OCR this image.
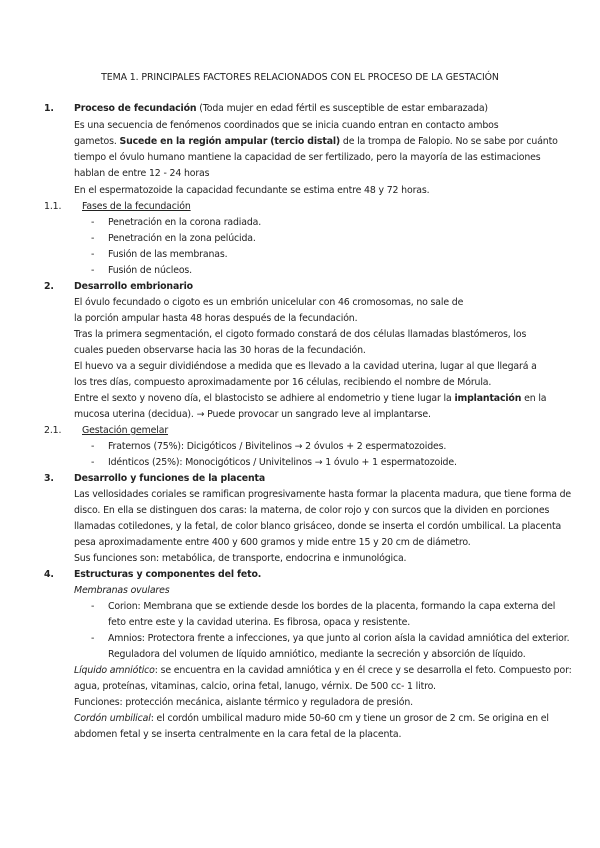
TEMA 1. PRINCIPALES FACTORES RELACIONADOS CON EL PROCESO DE LA GESTACIÓN
1. Proceso de fecundación (Toda mujer en edad fértil es susceptible de estar embarazada)
Es una secuencia de fenómenos coordinados que se inicia cuando entran en contacto ambos
gametos. Sucede en la región ampular (tercio distal) de la trompa de Falopio. No se sabe por cuánto
tiempo el óvulo humano mantiene la capacidad de ser fertilizado, pero la mayoría de las estimaciones
hablan de entre 12 - 24 horas
En el espermatozoide la capacidad fecundante se estima entre 48 y 72 horas.
1.1. Fases de la fecundación
- Penetración en la corona radiada.
- Penetración en la zona pelúcida.
- Fusión de las membranas.
- Fusión de núcleos.
2. Desarrollo embrionario
El óvulo fecundado o cigoto es un embrión unicelular con 46 cromosomas, no sale de
la porción ampular hasta 48 horas después de la fecundación.
Tras la primera segmentación, el cigoto formado constará de dos células llamadas blastómeros, los
cuales pueden observarse hacia las 30 horas de la fecundación.
El huevo va a seguir dividiéndose a medida que es llevado a la cavidad uterina, lugar al que llegará a
los tres días, compuesto aproximadamente por 16 células, recibiendo el nombre de Mórula.
Entre el sexto y noveno día, el blastocisto se adhiere al endometrio y tiene lugar la implantación en la
mucosa uterina (decidua). → Puede provocar un sangrado leve al implantarse.
2.1. Gestación gemelar
- Fraternos (75%): Dicigóticos / Bivitelinos → 2 óvulos + 2 espermatozoides.
- Idénticos (25%): Monocigóticos / Univitelinos → 1 óvulo + 1 espermatozoide.
3. Desarrollo y funciones de la placenta
Las vellosidades coriales se ramifican progresivamente hasta formar la placenta madura, que tiene forma de
disco. En ella se distinguen dos caras: la materna, de color rojo y con surcos que la dividen en porciones
llamadas cotiledones, y la fetal, de color blanco grisáceo, donde se inserta el cordón umbilical. La placenta
pesa aproximadamente entre 400 y 600 gramos y mide entre 15 y 20 cm de diámetro.
Sus funciones son: metabólica, de transporte, endocrina e inmunológica.
4. Estructuras y componentes del feto.
Membranas ovulares
- Corion: Membrana que se extiende desde los bordes de la placenta, formando la capa externa del
feto entre este y la cavidad uterina. Es fibrosa, opaca y resistente.
- Amnios: Protectora frente a infecciones, ya que junto al corion aísla la cavidad amniótica del exterior.
Reguladora del volumen de líquido amniótico, mediante la secreción y absorción de líquido.
Líquido amniótico: se encuentra en la cavidad amniótica y en él crece y se desarrolla el feto. Compuesto por:
agua, proteínas, vitaminas, calcio, orina fetal, lanugo, vérnix. De 500 cc- 1 litro.
Funciones: protección mecánica, aislante térmico y reguladora de presión.
Cordón umbilical: el cordón umbilical maduro mide 50-60 cm y tiene un grosor de 2 cm. Se origina en el
abdomen fetal y se inserta centralmente en la cara fetal de la placenta.
